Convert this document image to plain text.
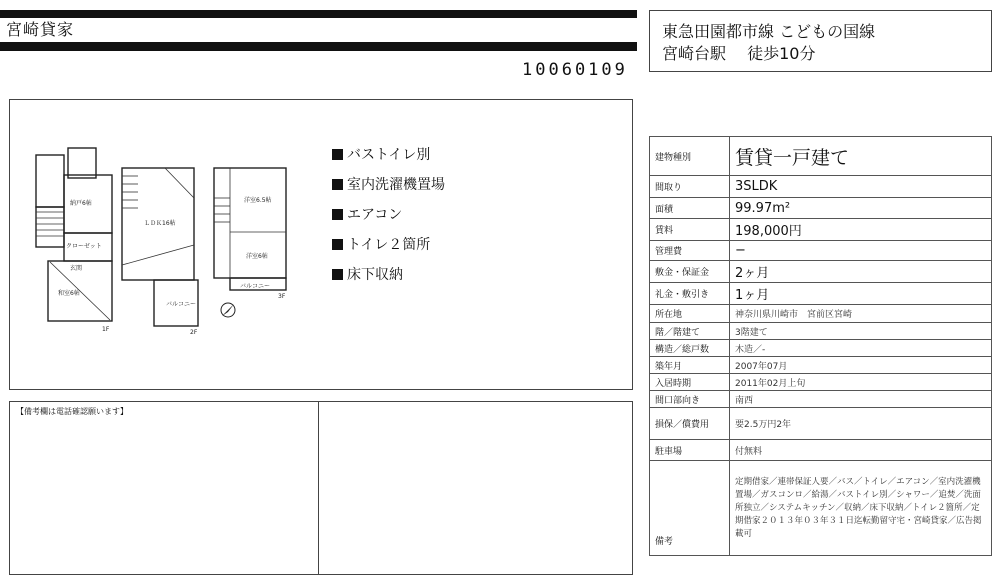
宮崎貸家
10060109
東急田園都市線 こどもの国線
宮崎台駅　 徒歩10分
納戸6帖
クローゼット
玄関
和室6帖
ＬＤＫ16帖
バルコニー
洋室6.5帖
洋室6帖
バルコニー
1F	2F
3F
バストイレ別
室内洗濯機置場
エアコン
トイレ２箇所
床下収納
【備考欄は電話確認願います】
建物種別	賃貸一戸建て
間取り	3SLDK
面積	99.97m²
賃料	198,000円
管理費	−
敷金・保証金	2ヶ月
礼金・敷引き	1ヶ月
所在地	神奈川県川崎市　宮前区宮崎
階／階建て	3階建て
構造／総戸数	木造／-
築年月	2007年07月
入居時期	2011年02月上旬
間口部向き	南西
損保／償費用	要2.5万円2年
駐車場	付無料
備考	定期借家／連帯保証人要／バス／トイレ／エアコン／室内洗濯機置場／ガスコンロ／給湯／バストイレ別／シャワー／追焚／洗面所独立／システムキッチン／収納／床下収納／トイレ２箇所／定期借家２０１３年０３年３１日迄転勤留守宅・宮崎貸家／広告掲載可
